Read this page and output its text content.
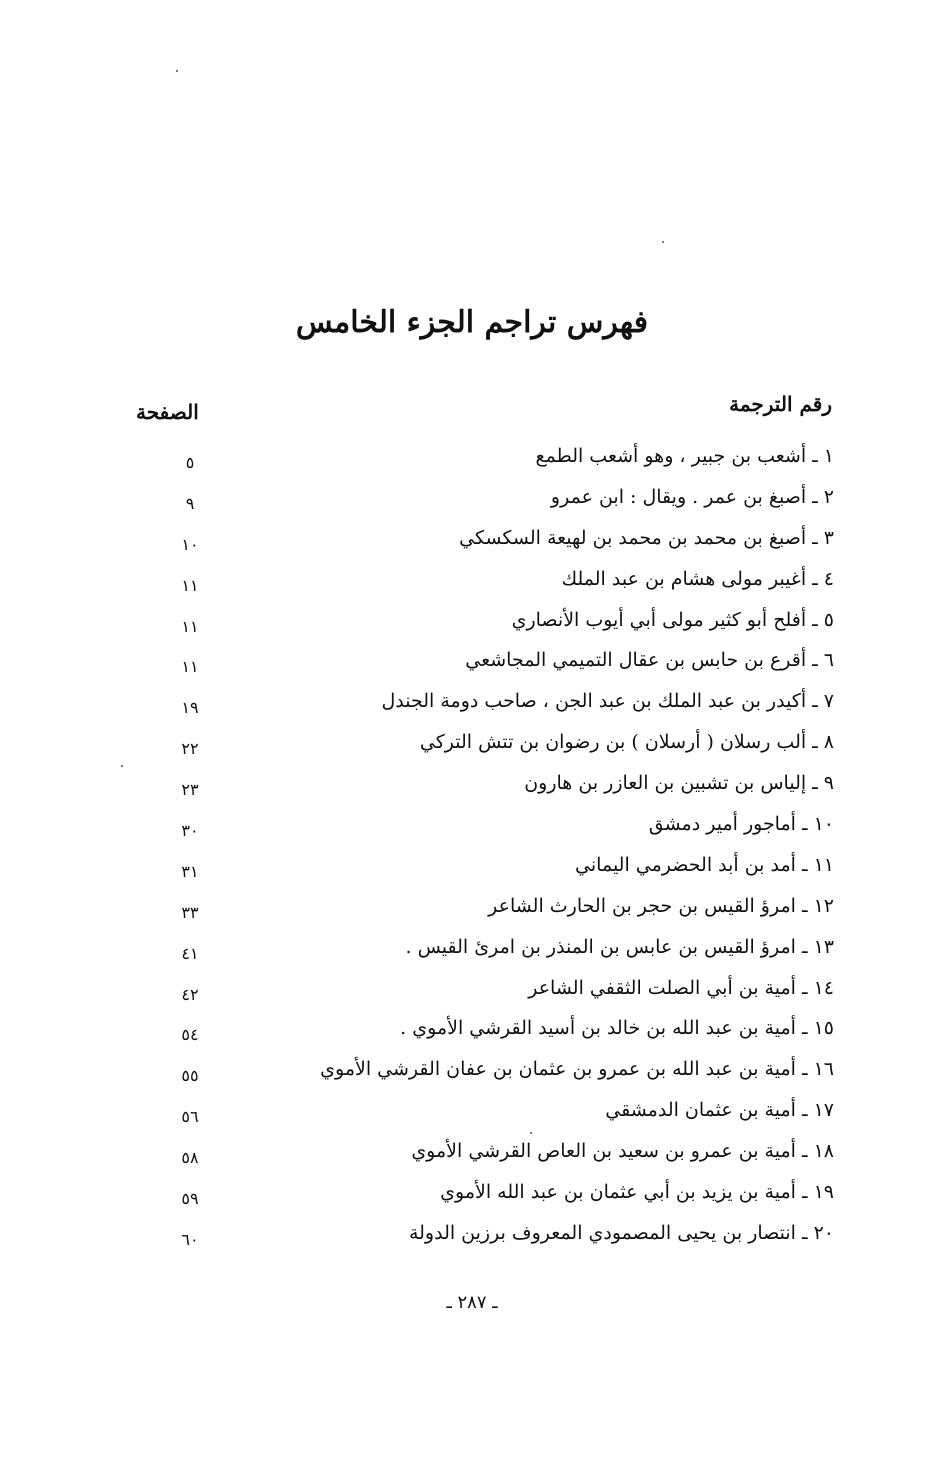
فهرس تراجم الجزء الخامس
رقم الترجمة
الصفحة
١ ـ أشعب بن جبير ، وهو أشعب الطمع
٥
٢ ـ أصبغ بن عمر . ويقال : ابن عمرو
٩
٣ ـ أصبغ بن محمد بن محمد بن لهيعة السكسكي
١٠
٤ ـ أغيبر مولى هشام بن عبد الملك
١١
٥ ـ أفلح أبو كثير مولى أبي أيوب الأنصاري
١١
٦ ـ أقرع بن حابس بن عقال التميمي المجاشعي
١١
٧ ـ أكيدر بن عبد الملك بن عبد الجن ، صاحب دومة الجندل
١٩
٨ ـ ألب رسلان ( أرسلان ) بن رضوان بن تتش التركي
٢٢
٩ ـ إلياس بن تشبين بن العازر بن هارون
٢٣
١٠ ـ أماجور أمير دمشق
٣٠
١١ ـ أمد بن أبد الحضرمي اليماني
٣١
١٢ ـ امرؤ القيس بن حجر بن الحارث الشاعر
٣٣
١٣ ـ امرؤ القيس بن عابس بن المنذر بن امرئ القيس .
٤١
١٤ ـ أمية بن أبي الصلت الثقفي الشاعر
٤٢
١٥ ـ أمية بن عبد الله بن خالد بن أسيد القرشي الأموي .
٥٤
١٦ ـ أمية بن عبد الله بن عمرو بن عثمان بن عفان القرشي الأموي
٥٥
١٧ ـ أمية بن عثمان الدمشقي
٥٦
١٨ ـ أمية بن عمرو بن سعيد بن العاص القرشي الأموي
٥٨
١٩ ـ أمية بن يزيد بن أبي عثمان بن عبد الله الأموي
٥٩
٢٠ ـ انتصار بن يحيى المصمودي المعروف برزين الدولة
٦٠
ـ ٢٨٧ ـ
